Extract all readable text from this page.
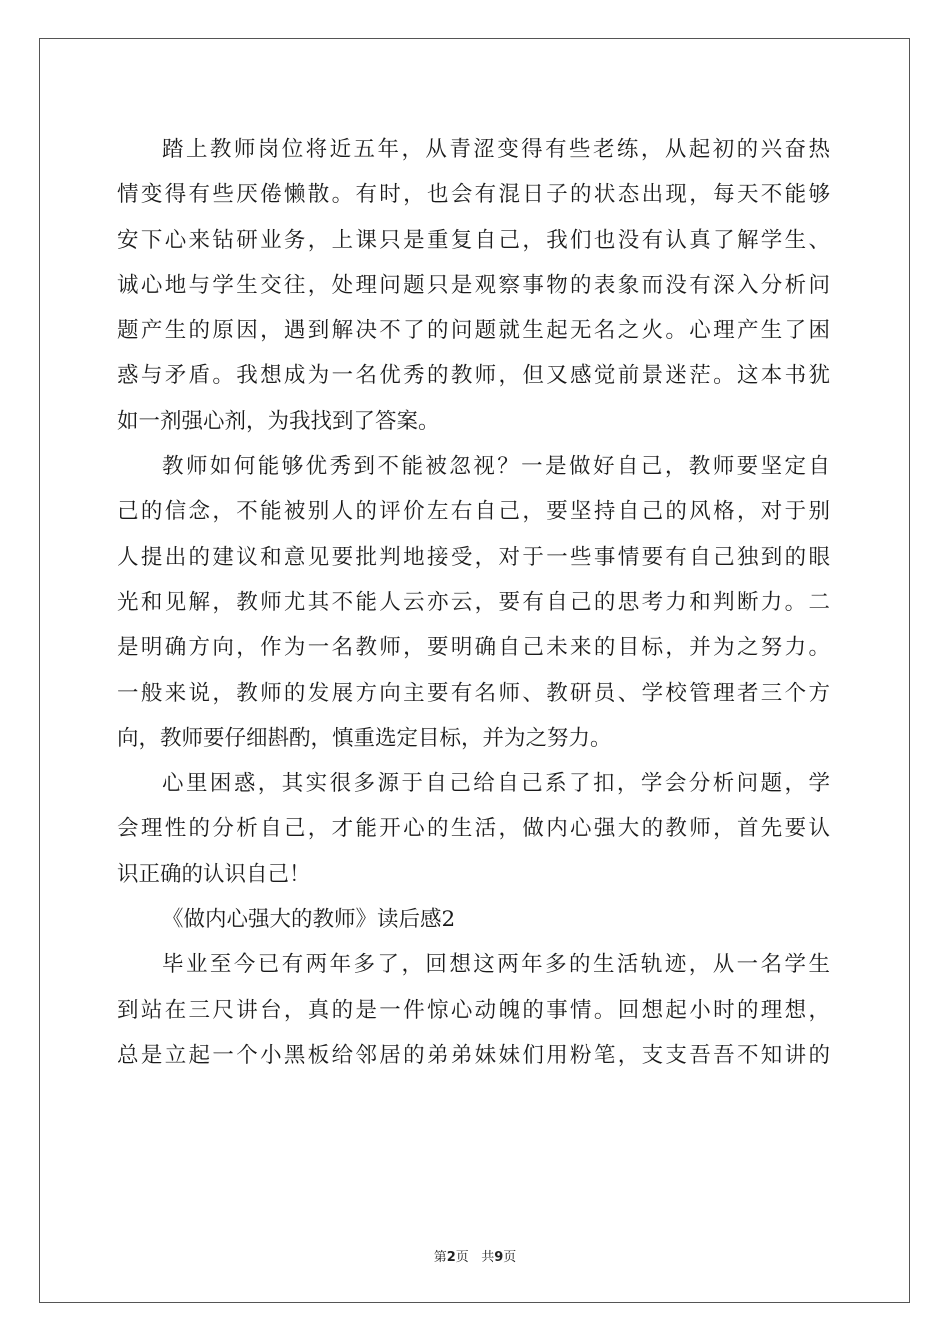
踏上教师岗位将近五年，从青涩变得有些老练，从起初的兴奋热
情变得有些厌倦懒散。有时，也会有混日子的状态出现，每天不能够
安下心来钻研业务，上课只是重复自己，我们也没有认真了解学生、
诚心地与学生交往，处理问题只是观察事物的表象而没有深入分析问
题产生的原因，遇到解决不了的问题就生起无名之火。心理产生了困
惑与矛盾。我想成为一名优秀的教师，但又感觉前景迷茫。这本书犹
如一剂强心剂，为我找到了答案。
教师如何能够优秀到不能被忽视？一是做好自己，教师要坚定自
己的信念，不能被别人的评价左右自己，要坚持自己的风格，对于别
人提出的建议和意见要批判地接受，对于一些事情要有自己独到的眼
光和见解，教师尤其不能人云亦云，要有自己的思考力和判断力。二
是明确方向，作为一名教师，要明确自己未来的目标，并为之努力。
一般来说，教师的发展方向主要有名师、教研员、学校管理者三个方
向，教师要仔细斟酌，慎重选定目标，并为之努力。
心里困惑，其实很多源于自己给自己系了扣，学会分析问题，学
会理性的分析自己，才能开心的生活，做内心强大的教师，首先要认
识正确的认识自己！
《做内心强大的教师》读后感2
毕业至今已有两年多了，回想这两年多的生活轨迹，从一名学生
到站在三尺讲台，真的是一件惊心动魄的事情。回想起小时的理想，
总是立起一个小黑板给邻居的弟弟妹妹们用粉笔，支支吾吾不知讲的
第2页 共9页
